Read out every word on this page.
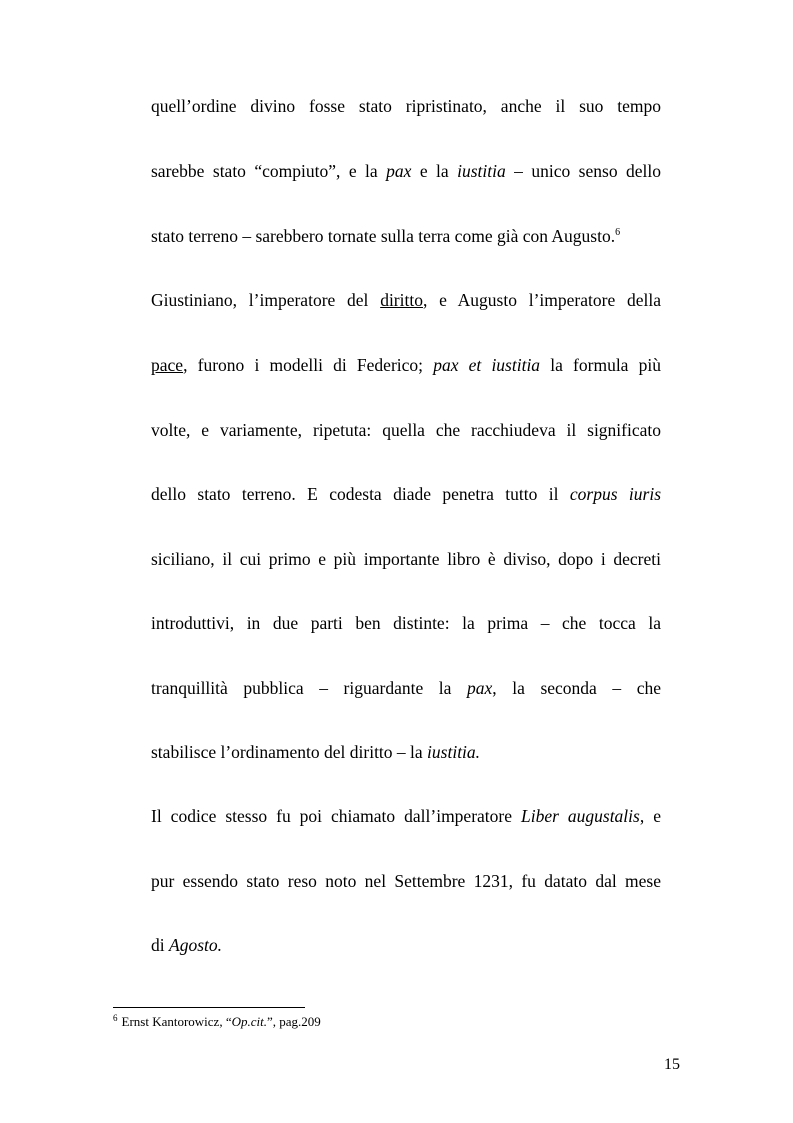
quell’ordine divino fosse stato ripristinato, anche il suo tempo
sarebbe stato “compiuto”, e la pax e la iustitia – unico senso dello
stato terreno – sarebbero tornate sulla terra come già con Augusto.$^6$
Giustiniano, l’imperatore del diritto, e Augusto l’imperatore della
pace, furono i modelli di Federico; pax et iustitia la formula più
volte, e variamente, ripetuta: quella che racchiudeva il significato
dello stato terreno. E codesta diade penetra tutto il corpus iuris
siciliano, il cui primo e più importante libro è diviso, dopo i decreti
introduttivi, in due parti ben distinte: la prima – che tocca la
tranquillità pubblica – riguardante la pax, la seconda – che
stabilisce l’ordinamento del diritto – la iustitia.
Il codice stesso fu poi chiamato dall’imperatore Liber augustalis, e
pur essendo stato reso noto nel Settembre 1231, fu datato dal mese
di Agosto.
$^6$ Ernst Kantorowicz, “Op.cit.”, pag.209
15
